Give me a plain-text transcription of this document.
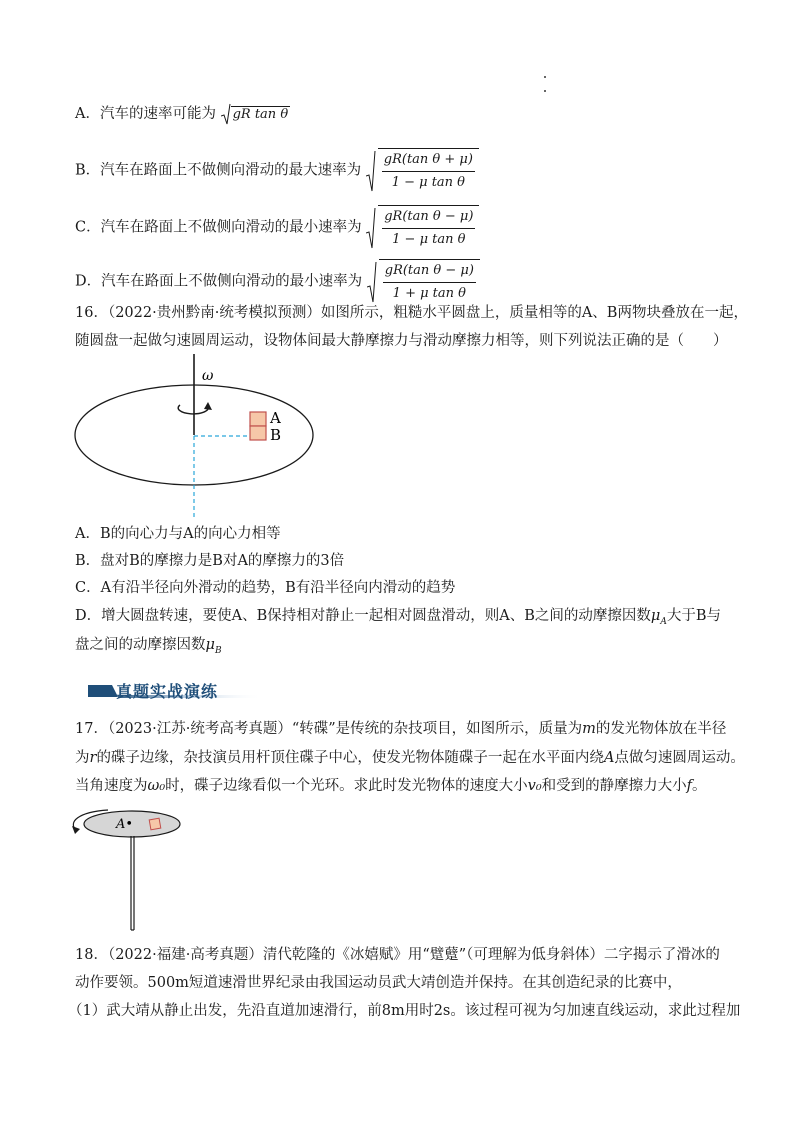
A．汽车的速率可能为 gR tan θ
B．汽车在路面上不做侧向滑动的最大速率为 $\frac{\text{gR(tan θ + μ)}}{\text{1 − μ tan θ}}$
C．汽车在路面上不做侧向滑动的最小速率为 $\frac{\text{gR(tan θ − μ)}}{\text{1 − μ tan θ}}$
D．汽车在路面上不做侧向滑动的最小速率为 $\frac{\text{gR(tan θ − μ)}}{\text{1 + μ tan θ}}$
16．（2022·贵州黔南·统考模拟预测）如图所示，粗糙水平圆盘上，质量相等的A、B两物块叠放在一起，
随圆盘一起做匀速圆周运动，设物体间最大静摩擦力与滑动摩擦力相等，则下列说法正确的是（　　）
ω
A
B
A．B的向心力与A的向心力相等
B．盘对B的摩擦力是B对A的摩擦力的3倍
C．A有沿半径向外滑动的趋势，B有沿半径向内滑动的趋势
D．增大圆盘转速，要使A、B保持相对静止一起相对圆盘滑动，则A、B之间的动摩擦因数$\mu_A$大于B与
盘之间的动摩擦因数$\mu_B$
真题实战演练
17．（2023·江苏·统考高考真题）“转碟”是传统的杂技项目，如图所示，质量为m的发光物体放在半径
为r的碟子边缘，杂技演员用杆顶住碟子中心，使发光物体随碟子一起在水平面内绕A点做匀速圆周运动。
当角速度为ω₀时，碟子边缘看似一个光环。求此时发光物体的速度大小v₀和受到的静摩擦力大小f。
A•
18．（2022·福建·高考真题）清代乾隆的《冰嬉赋》用“躄躠”（可理解为低身斜体）二字揭示了滑冰的
动作要领。500m短道速滑世界纪录由我国运动员武大靖创造并保持。在其创造纪录的比赛中，
（1）武大靖从静止出发，先沿直道加速滑行，前8m用时2s。该过程可视为匀加速直线运动，求此过程加
